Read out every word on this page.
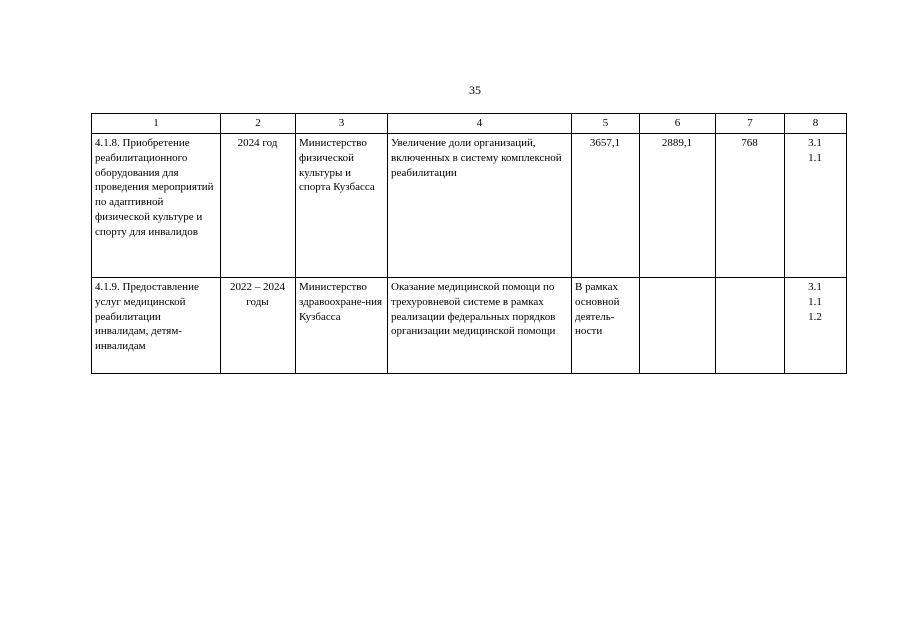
35
1	2	3	4	5	6	7	8
4.1.8. Приобретение реабилитационного оборудования для проведения мероприятий по адаптивной физической культуре и спорту для инвалидов	2024 год	Министерство физической культуры и спорта Кузбасса	Увеличение доли организаций, включенных в систему комплексной реабилитации	3657,1	2889,1	768	3.1
1.1

4.1.9. Предоставление услуг медицинской реабилитации инвалидам, детям-инвалидам	2022 – 2024 годы	Министерство здравоохране-ния Кузбасса	Оказание медицинской помощи по трехуровневой системе в рамках реализации федеральных порядков организации медицинской помощи	В рамках основной деятель-ности			3.1
1.1
1.2
